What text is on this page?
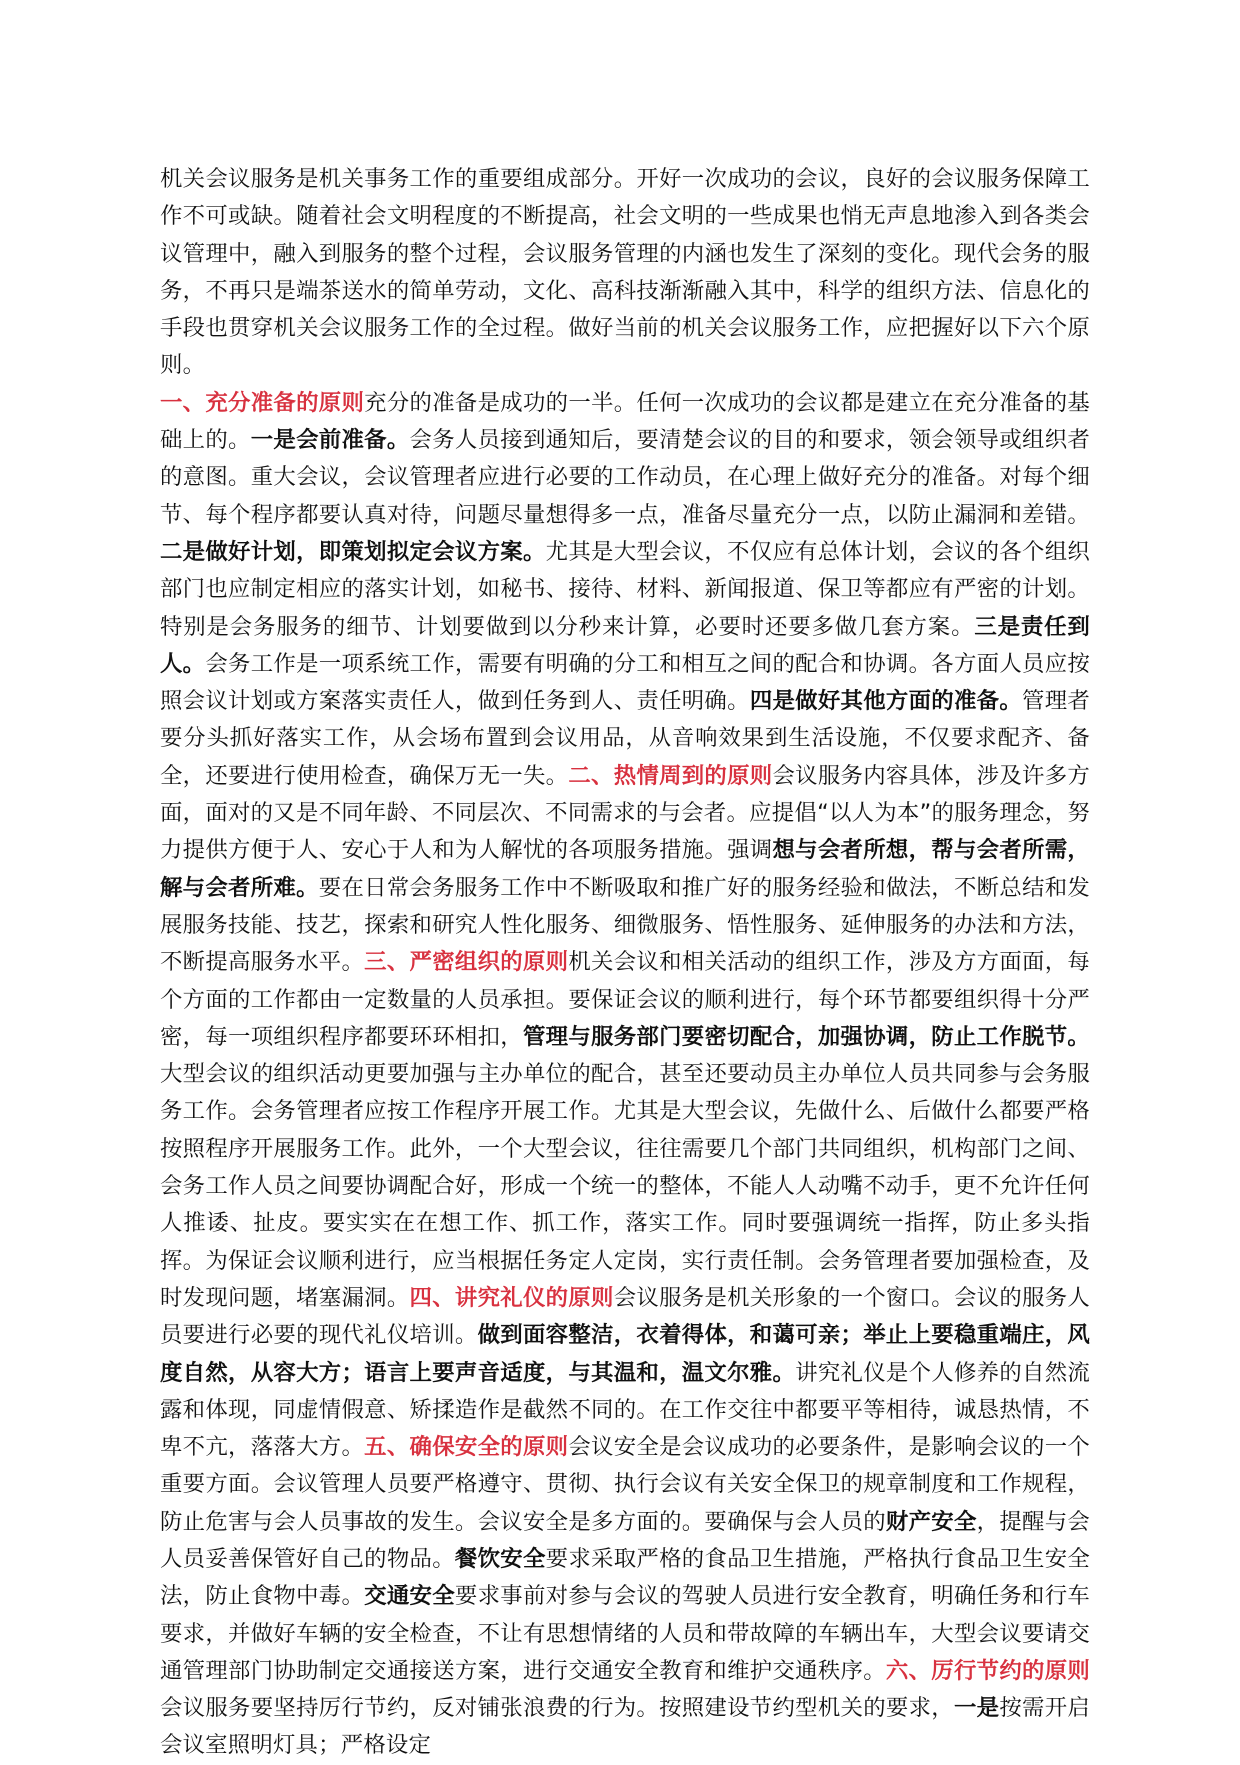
机关会议服务是机关事务工作的重要组成部分。开好一次成功的会议，良好的会议服务保障工作不可或缺。随着社会文明程度的不断提高，社会文明的一些成果也悄无声息地渗入到各类会议管理中，融入到服务的整个过程，会议服务管理的内涵也发生了深刻的变化。现代会务的服务，不再只是端茶送水的简单劳动，文化、高科技渐渐融入其中，科学的组织方法、信息化的手段也贯穿机关会议服务工作的全过程。做好当前的机关会议服务工作，应把握好以下六个原则。

一、充分准备的原则充分的准备是成功的一半。任何一次成功的会议都是建立在充分准备的基础上的。一是会前准备。会务人员接到通知后，要清楚会议的目的和要求，领会领导或组织者的意图。重大会议，会议管理者应进行必要的工作动员，在心理上做好充分的准备。对每个细节、每个程序都要认真对待，问题尽量想得多一点，准备尽量充分一点，以防止漏洞和差错。二是做好计划，即策划拟定会议方案。尤其是大型会议，不仅应有总体计划，会议的各个组织部门也应制定相应的落实计划，如秘书、接待、材料、新闻报道、保卫等都应有严密的计划。特别是会务服务的细节、计划要做到以分秒来计算，必要时还要多做几套方案。三是责任到人。会务工作是一项系统工作，需要有明确的分工和相互之间的配合和协调。各方面人员应按照会议计划或方案落实责任人，做到任务到人、责任明确。四是做好其他方面的准备。管理者要分头抓好落实工作，从会场布置到会议用品，从音响效果到生活设施，不仅要求配齐、备全，还要进行使用检查，确保万无一失。二、热情周到的原则会议服务内容具体，涉及许多方面，面对的又是不同年龄、不同层次、不同需求的与会者。应提倡“以人为本”的服务理念，努力提供方便于人、安心于人和为人解忧的各项服务措施。强调想与会者所想，帮与会者所需，解与会者所难。要在日常会务服务工作中不断吸取和推广好的服务经验和做法，不断总结和发展服务技能、技艺，探索和研究人性化服务、细微服务、悟性服务、延伸服务的办法和方法，不断提高服务水平。三、严密组织的原则机关会议和相关活动的组织工作，涉及方方面面，每个方面的工作都由一定数量的人员承担。要保证会议的顺利进行，每个环节都要组织得十分严密，每一项组织程序都要环环相扣，管理与服务部门要密切配合，加强协调，防止工作脱节。大型会议的组织活动更要加强与主办单位的配合，甚至还要动员主办单位人员共同参与会务服务工作。会务管理者应按工作程序开展工作。尤其是大型会议，先做什么、后做什么都要严格按照程序开展服务工作。此外，一个大型会议，往往需要几个部门共同组织，机构部门之间、会务工作人员之间要协调配合好，形成一个统一的整体，不能人人动嘴不动手，更不允许任何人推诿、扯皮。要实实在在想工作、抓工作，落实工作。同时要强调统一指挥，防止多头指挥。为保证会议顺利进行，应当根据任务定人定岗，实行责任制。会务管理者要加强检查，及时发现问题，堵塞漏洞。四、讲究礼仪的原则会议服务是机关形象的一个窗口。会议的服务人员要进行必要的现代礼仪培训。做到面容整洁，衣着得体，和蔼可亲；举止上要稳重端庄，风度自然，从容大方；语言上要声音适度，与其温和，温文尔雅。讲究礼仪是个人修养的自然流露和体现，同虚情假意、矫揉造作是截然不同的。在工作交往中都要平等相待，诚恳热情，不卑不亢，落落大方。五、确保安全的原则会议安全是会议成功的必要条件，是影响会议的一个重要方面。会议管理人员要严格遵守、贯彻、执行会议有关安全保卫的规章制度和工作规程，防止危害与会人员事故的发生。会议安全是多方面的。要确保与会人员的财产安全，提醒与会人员妥善保管好自己的物品。餐饮安全要求采取严格的食品卫生措施，严格执行食品卫生安全法，防止食物中毒。交通安全要求事前对参与会议的驾驶人员进行安全教育，明确任务和行车要求，并做好车辆的安全检查，不让有思想情绪的人员和带故障的车辆出车，大型会议要请交通管理部门协助制定交通接送方案，进行交通安全教育和维护交通秩序。六、厉行节约的原则会议服务要坚持厉行节约，反对铺张浪费的行为。按照建设节约型机关的要求，一是按需开启会议室照明灯具；严格设定
